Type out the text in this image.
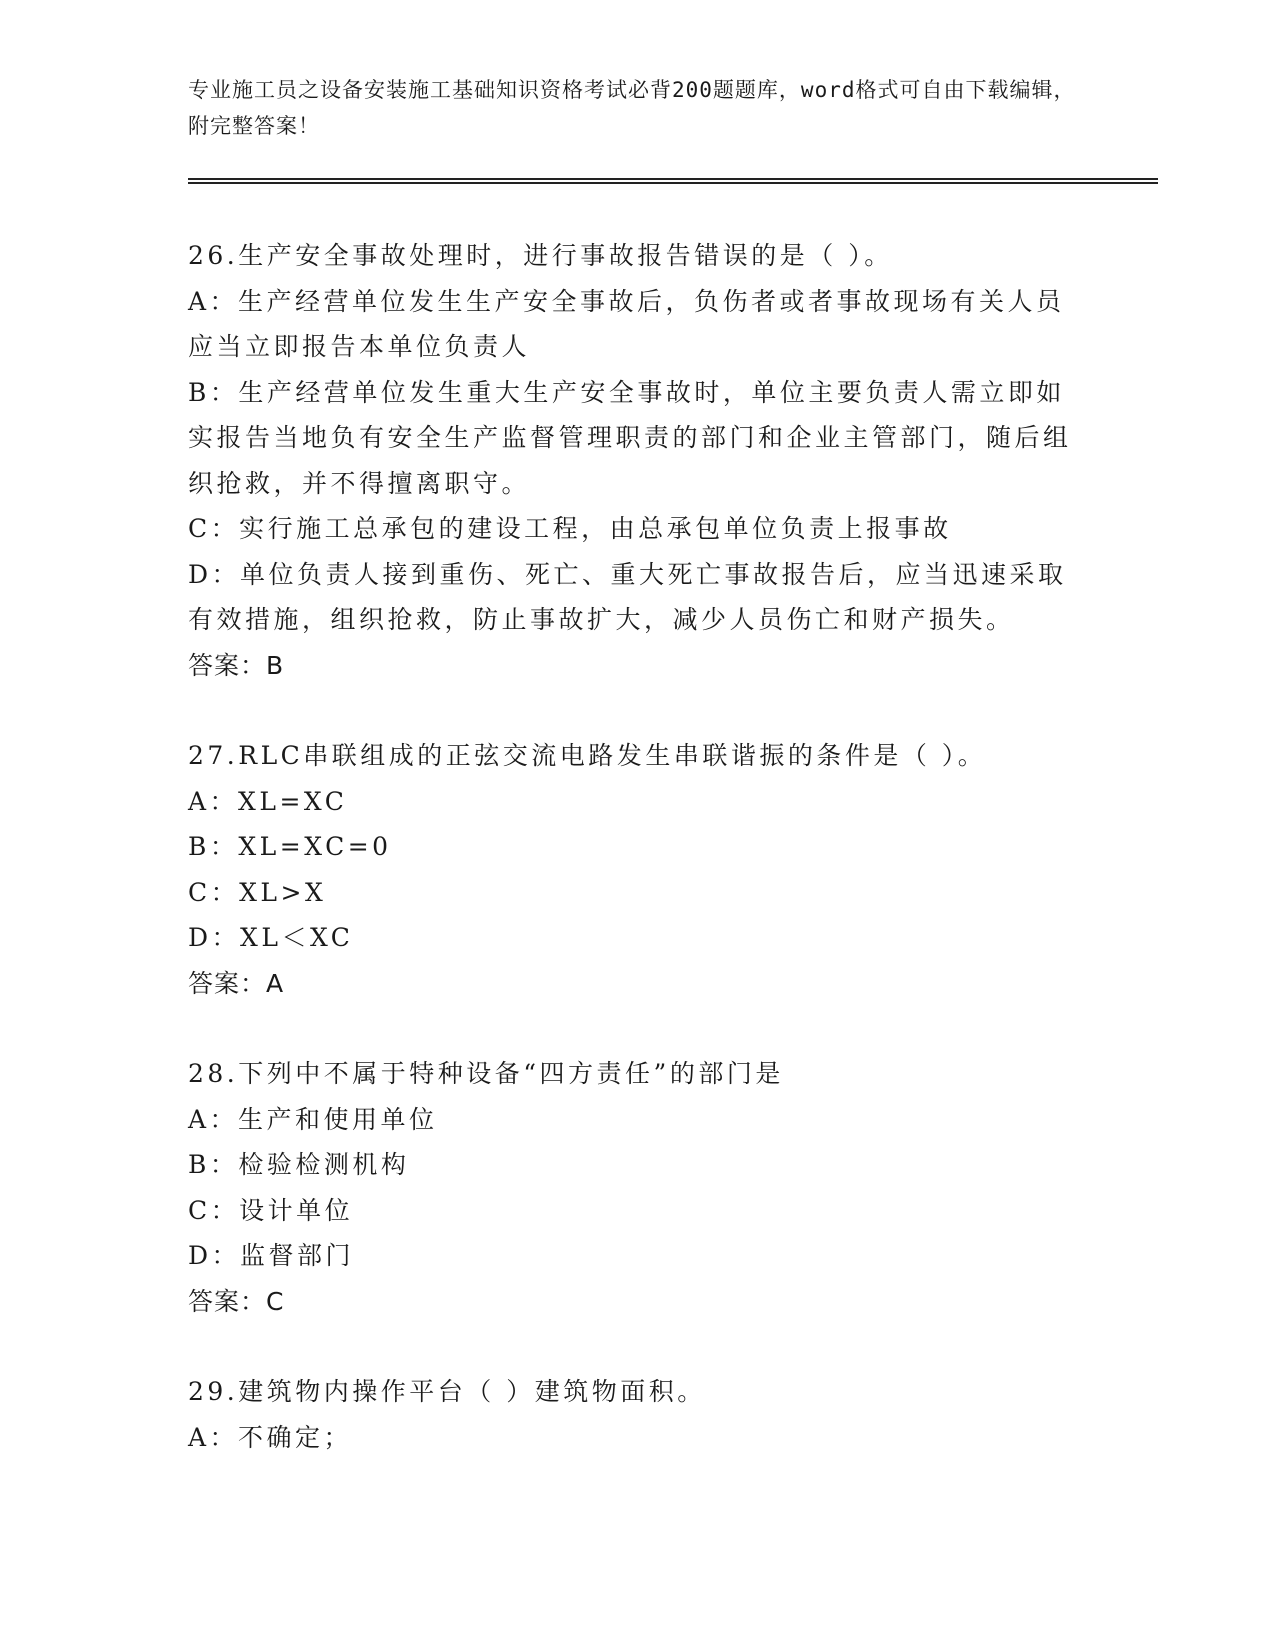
专业施工员之设备安装施工基础知识资格考试必背200题题库，word格式可自由下载编辑，附完整答案！
26.生产安全事故处理时，进行事故报告错误的是（ ）。
A：生产经营单位发生生产安全事故后，负伤者或者事故现场有关人员应当立即报告本单位负责人
B：生产经营单位发生重大生产安全事故时，单位主要负责人需立即如实报告当地负有安全生产监督管理职责的部门和企业主管部门，随后组织抢救，并不得擅离职守。
C：实行施工总承包的建设工程，由总承包单位负责上报事故
D：单位负责人接到重伤、死亡、重大死亡事故报告后，应当迅速采取有效措施，组织抢救，防止事故扩大，减少人员伤亡和财产损失。
答案：B
27.RLC串联组成的正弦交流电路发生串联谐振的条件是（ ）。
A：XL=XC
B：XL=XC=0
C：XL>X
D：XL＜XC
答案：A
28.下列中不属于特种设备“四方责任”的部门是
A：生产和使用单位
B：检验检测机构
C：设计单位
D：监督部门
答案：C
29.建筑物内操作平台（ ）建筑物面积。
A：不确定；
